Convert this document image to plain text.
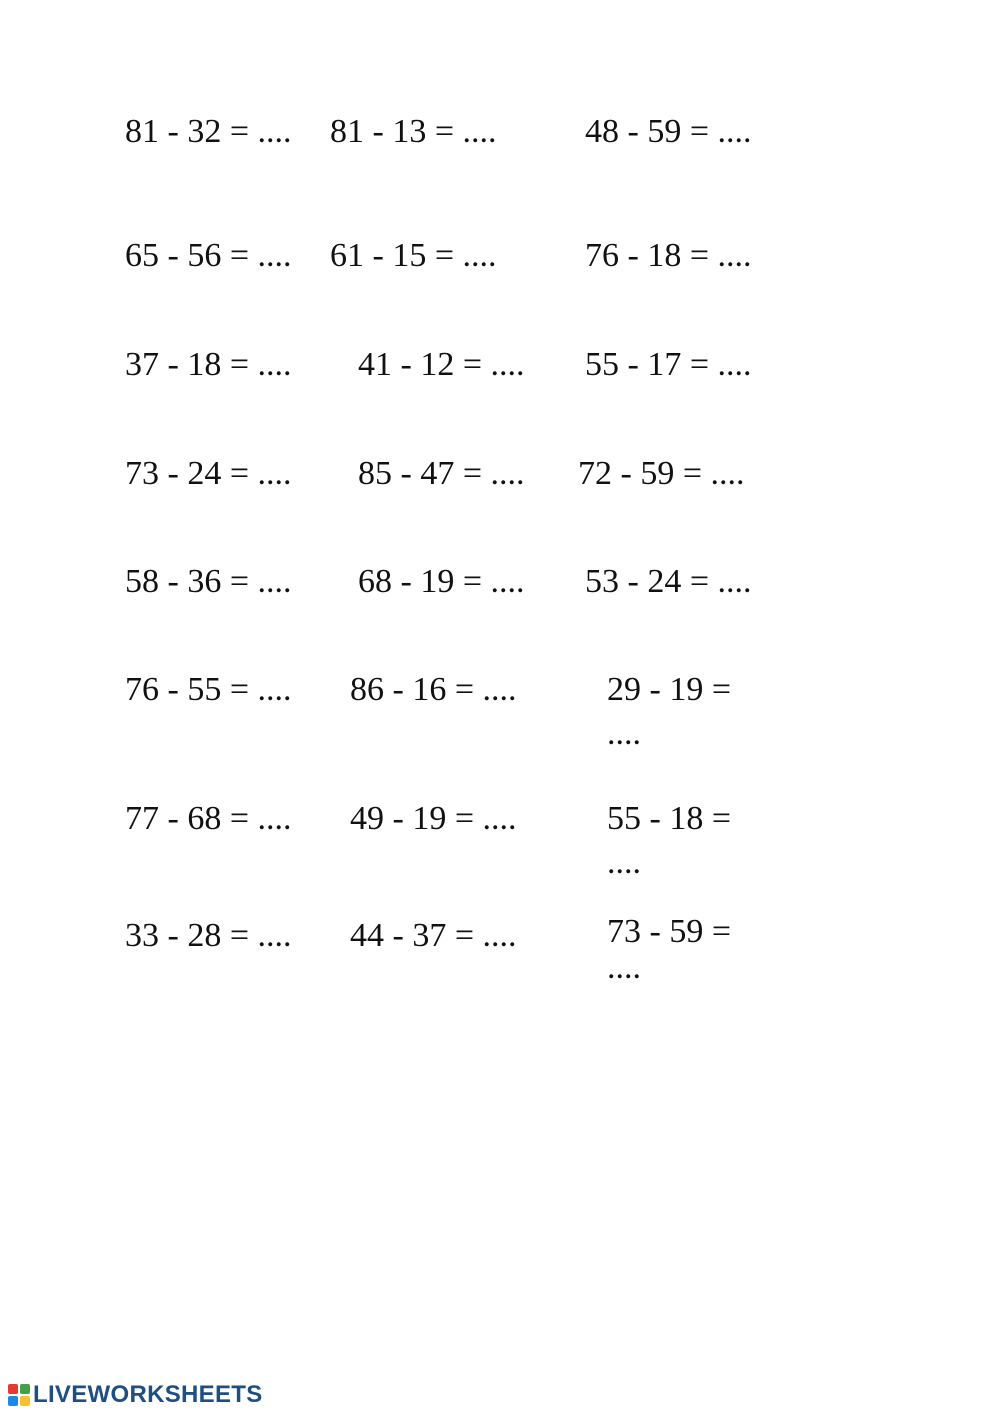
81 - 32 = .... 81 - 13 = ....	48 - 59 = ....

65 - 56 = .... 61 - 15 = ....	76 - 18 = ....

37 - 18 = .... 41 - 12 = .... 55 - 17 = ....

73 - 24 = .... 85 - 47 = .... 72 - 59 = ....

58 - 36 = .... 68 - 19 = .... 53 - 24 = ....

76 - 55 = .... 86 - 16 = ....	29 - 19 = ....

77 - 68 = .... 49 - 19 = ....	55 - 18 = ....

33 - 28 = .... 44 - 37 = ....	73 - 59 = ....

LIVEWORKSHEETS
